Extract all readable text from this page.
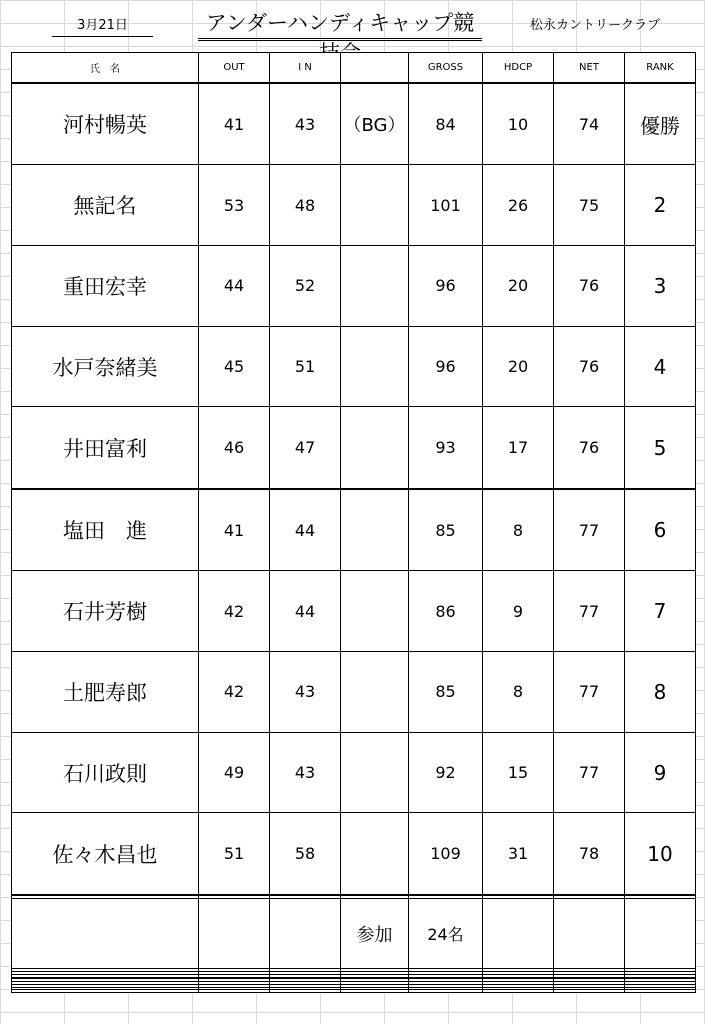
3月21日	アンダーハンディキャップ競	松永カントリークラブ
氏　名	OUT	I N		GROSS	HDCP	NET	RANK
河村暢英	41	43	（BG）	84	10	74	優勝
無記名	53	48		101	26	75	2
重田宏幸	44	52		96	20	76	3
水戸奈緒美	45	51		96	20	76	4
井田富利	46	47		93	17	76	5
塩田　進	41	44		85	8	77	6
石井芳樹	42	44		86	9	77	7
土肥寿郎	42	43		85	8	77	8
石川政則	49	43		92	15	77	9
佐々木昌也	51	58		109	31	78	10

			参加	24名			
